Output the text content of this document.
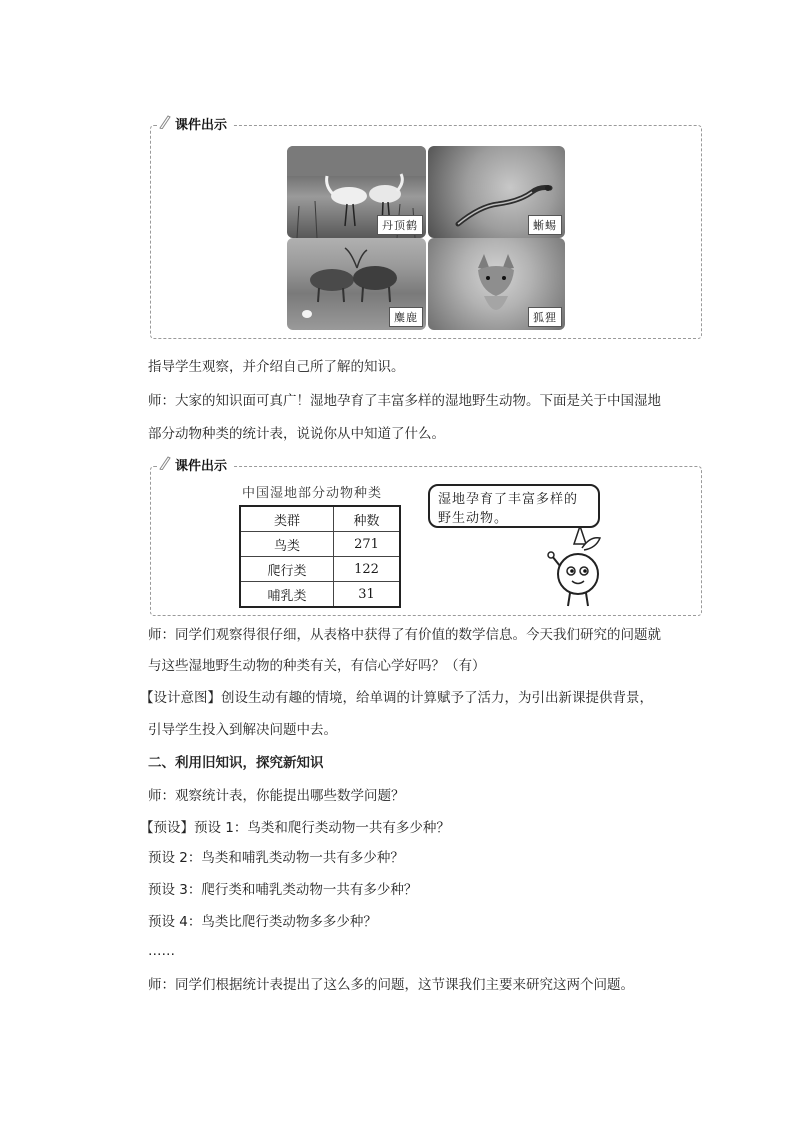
课件出示
丹顶鹤	蜥蜴
麋鹿	狐狸
指导学生观察，并介绍自己所了解的知识。
师：大家的知识面可真广！湿地孕育了丰富多样的湿地野生动物。下面是关于中国湿地
部分动物种类的统计表，说说你从中知道了什么。
课件出示
中国湿地部分动物种类
类群	种数
鸟类	271
爬行类	122
哺乳类	31
湿地孕育了丰富多样的野生动物。
师：同学们观察得很仔细，从表格中获得了有价值的数学信息。今天我们研究的问题就
与这些湿地野生动物的种类有关，有信心学好吗？（有）
【设计意图】创设生动有趣的情境，给单调的计算赋予了活力，为引出新课提供背景，
引导学生投入到解决问题中去。
二、利用旧知识，探究新知识
师：观察统计表，你能提出哪些数学问题？
【预设】预设 1：鸟类和爬行类动物一共有多少种？
预设 2：鸟类和哺乳类动物一共有多少种？
预设 3：爬行类和哺乳类动物一共有多少种？
预设 4：鸟类比爬行类动物多多少种？
……
师：同学们根据统计表提出了这么多的问题，这节课我们主要来研究这两个问题。
